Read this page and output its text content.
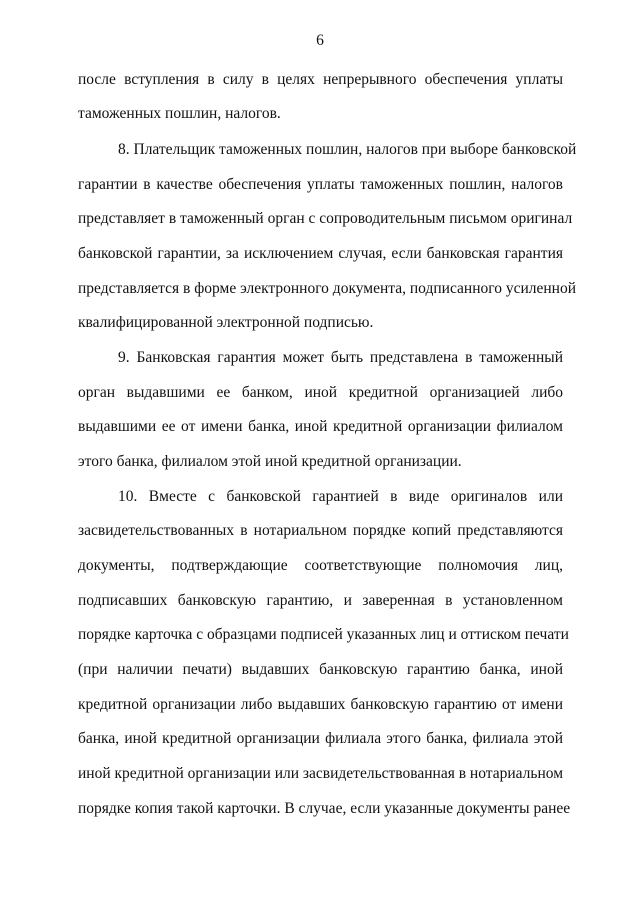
6
после вступления в силу в целях непрерывного обеспечения уплаты
таможенных пошлин, налогов.
8. Плательщик таможенных пошлин, налогов при выборе банковской
гарантии в качестве обеспечения уплаты таможенных пошлин, налогов
представляет в таможенный орган с сопроводительным письмом оригинал
банковской гарантии, за исключением случая, если банковская гарантия
представляется в форме электронного документа, подписанного усиленной
квалифицированной электронной подписью.
9. Банковская гарантия может быть представлена в таможенный
орган выдавшими ее банком, иной кредитной организацией либо
выдавшими ее от имени банка, иной кредитной организации филиалом
этого банка, филиалом этой иной кредитной организации.
10. Вместе с банковской гарантией в виде оригиналов или
засвидетельствованных в нотариальном порядке копий представляются
документы, подтверждающие соответствующие полномочия лиц,
подписавших банковскую гарантию, и заверенная в установленном
порядке карточка с образцами подписей указанных лиц и оттиском печати
(при наличии печати) выдавших банковскую гарантию банка, иной
кредитной организации либо выдавших банковскую гарантию от имени
банка, иной кредитной организации филиала этого банка, филиала этой
иной кредитной организации или засвидетельствованная в нотариальном
порядке копия такой карточки. В случае, если указанные документы ранее
